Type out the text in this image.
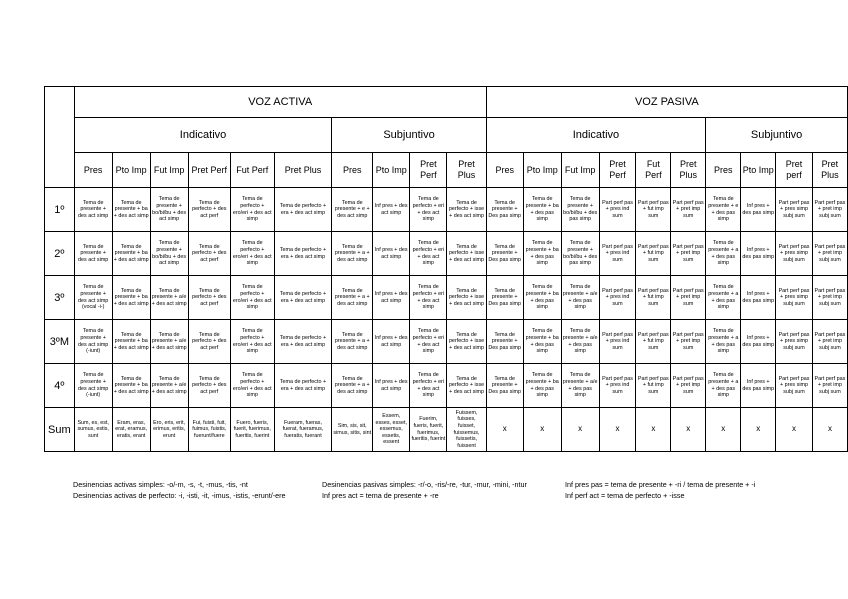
	VOZ ACTIVA										VOZ PASIVA									
	Indicativo						Subjuntivo				Indicativo						Subjuntivo			
	Pres	Pto Imp	Fut Imp	Pret Perf	Fut Perf	Pret Plus	Pres	Pto Imp	Pret Perf	Pret Plus	Pres	Pto Imp	Fut Imp	Pret Perf	Fut Perf	Pret Plus	Pres	Pto Imp	Pret perf	Pret Plus
1º	Tema de presente + des act simp	Tema de presente + ba + des act simp	Tema de presente + bo/bi/bu + des act simp	Tema de perfecto + des act perf	Tema de perfecto + ero/eri + des act simp	Tema de perfecto + era + des act simp	Tema de presente + e + des act simp	Inf pres + des act simp	Tema de perfecto + eri + des act simp	Tema de perfecto + isse + des act simp	Tema de presente + Des pas simp	Tema de presente + ba + des pas simp	Tema de presente + bo/bi/bu + des pas simp	Part perf pas + pres ind sum	Part perf pas + fut imp sum	Part perf pas + pret imp sum	Tema de presente + e + des pas simp	Inf pres + des pas simp	Part perf pas + pres simp subj sum	Part perf pas + pret imp subj sum
2º	Tema de presente + des act simp	Tema de presente + ba + des act simp	Tema de presente + bo/bi/bu + des act simp	Tema de perfecto + des act perf	Tema de perfecto + ero/eri + des act simp	Tema de perfecto + era + des act simp	Tema de presente + a + des act simp	Inf pres + des act simp	Tema de perfecto + eri + des act simp	Tema de perfecto + isse + des act simp	Tema de presente + Des pas simp	Tema de presente + ba + des pas simp	Tema de presente + bo/bi/bu + des pas simp	Part perf pas + pres ind sum	Part perf pas + fut imp sum	Part perf pas + pret imp sum	Tema de presente + a + des pas simp	Inf pres + des pas simp	Part perf pas + pres simp subj sum	Part perf pas + pret imp subj sum
3º	Tema de presente + des act simp (vocal -i-)	Tema de presente + ba + des act simp	Tema de presente + a/e + des act simp	Tema de perfecto + des act perf	Tema de perfecto + ero/eri + des act simp	Tema de perfecto + era + des act simp	Tema de presente + a + des act simp	Inf pres + des act simp	Tema de perfecto + eri + des act simp	Tema de perfecto + isse + des act simp	Tema de presente + Des pas simp	Tema de presente + ba + des pas simp	Tema de presente + a/e + des pas simp	Part perf pas + pres ind sum	Part perf pas + fut imp sum	Part perf pas + pret imp sum	Tema de presente + a + des pas simp	Inf pres + des pas simp	Part perf pas + pres simp subj sum	Part perf pas + pret imp subj sum
3ºM	Tema de presente + des act simp (-iunt)	Tema de presente + ba + des act simp	Tema de presente + a/e + des act simp	Tema de perfecto + des act perf	Tema de perfecto + ero/eri + des act simp	Tema de perfecto + era + des act simp	Tema de presente + a + des act simp	Inf pres + des act simp	Tema de perfecto + eri + des act simp	Tema de perfecto + isse + des act simp	Tema de presente + Des pas simp	Tema de presente + ba + des pas simp	Tema de presente + a/e + des pas simp	Part perf pas + pres ind sum	Part perf pas + fut imp sum	Part perf pas + pret imp sum	Tema de presente + a + des pas simp	Inf pres + des pas simp	Part perf pas + pres simp subj sum	Part perf pas + pret imp subj sum
4º	Tema de presente + des act simp (-iunt)	Tema de presente + ba + des act simp	Tema de presente + a/e + des act simp	Tema de perfecto + des act perf	Tema de perfecto + ero/eri + des act simp	Tema de perfecto + era + des act simp	Tema de presente + a + des act simp	Inf pres + des act simp	Tema de perfecto + eri + des act simp	Tema de perfecto + isse + des act simp	Tema de presente + Des pas simp	Tema de presente + ba + des pas simp	Tema de presente + a/e + des pas simp	Part perf pas + pres ind sum	Part perf pas + fut imp sum	Part perf pas + pret imp sum	Tema de presente + a + des pas simp	Inf pres + des pas simp	Part perf pas + pres simp subj sum	Part perf pas + pret imp subj sum
Sum	Sum, es, est, sumus, estis, sunt	Eram, eras, erat, eramus, eratis, erant	Ero, eris, erit, erimus, eritis, erunt	Fui, fuisti, fuit, fuimus, fuistis, fuerunt/fuere	Fuero, fueris, fuerit, fuerimus, fueritis, fuerint	Fueram, fueras, fuerat, fueramus, fueratis, fuerant	Sim, sis, sit, simus, sitis, sint	Essem, esses, esset, essemus, essetis, essent	Fuerim, fueris, fuerit, fuerimus, fueritis, fuerint	Fuissem, fuisses, fuisset, fuissemus, fuissetis, fuissent	x	x	x	x	x	x	x	x	x	x
Desinencias activas simples: -o/-m, -s, -t, -mus, -tis, -nt
Desinencias activas de perfecto: -i, -isti, -it, -imus, -istis, -erunt/-ere
Desinencias pasivas simples: -r/-o, -ris/-re, -tur, -mur, -mini, -ntur
Inf pres act = tema de presente + -re
Inf pres pas = tema de presente + -ri / tema de presente + -i
Inf perf act = tema de perfecto + -isse
